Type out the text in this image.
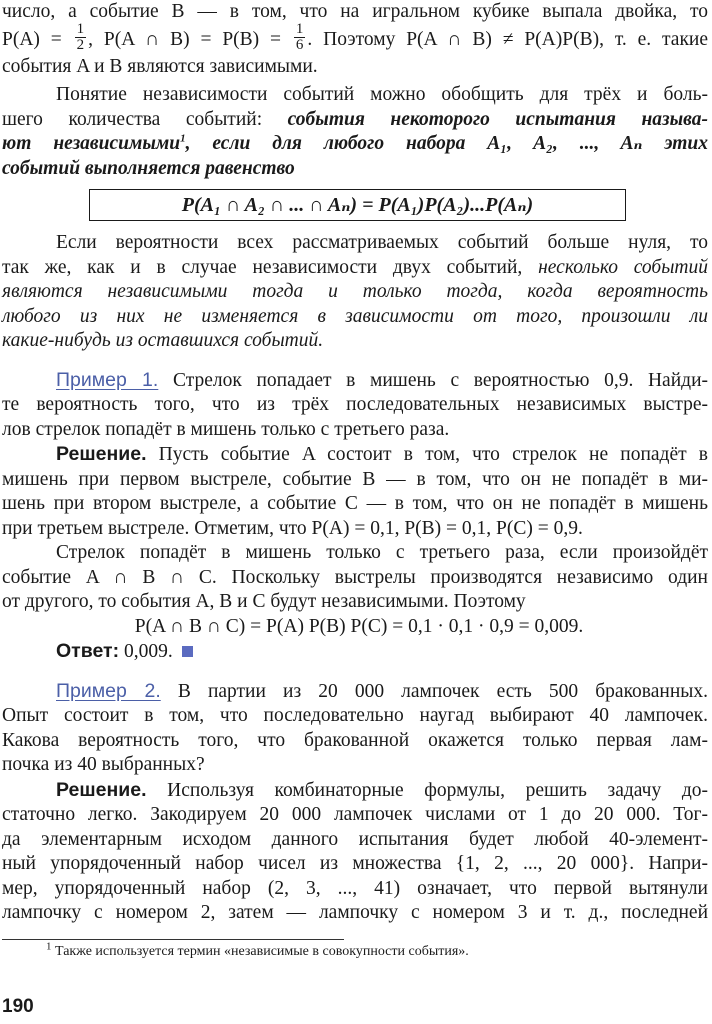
число, а событие B — в том, что на игральном кубике выпала двойка, то
$P(A) = \frac{1}{2}$ , P(A ∩ $B) = P(B) = \frac{1}{6}$ . Поэтому P(A ∩ B) ≠ P(A)P(B), т. е. такие
события A и B являются зависимыми.

Понятие независимости событий можно обобщить для трёх и боль-
шего количества событий: события некоторого испытания называ-
ют независимыми$^1$, если для любого набора A₁, A₂, ..., Aₙ этих
событий выполняется равенство

P(A₁ ∩ A₂ ∩ ... ∩ Aₙ) = P(A₁)P(A₂)...P(Aₙ)

Если вероятности всех рассматриваемых событий больше нуля, то
так же, как и в случае независимости двух событий, несколько событий
являются независимыми тогда и только тогда, когда вероятность
любого из них не изменяется в зависимости от того, произошли ли
какие-нибудь из оставшихся событий.

Пример 1. Стрелок попадает в мишень с вероятностью 0,9. Найди-
те вероятность того, что из трёх последовательных независимых выстре-
лов стрелок попадёт в мишень только с третьего раза.

Решение. Пусть событие A состоит в том, что стрелок не попадёт в
мишень при первом выстреле, событие B — в том, что он не попадёт в ми-
шень при втором выстреле, а событие C — в том, что он не попадёт в мишень
при третьем выстреле. Отметим, что P(A) = 0,1, P(B) = 0,1, P(C) = 0,9.
Стрелок попадёт в мишень только с третьего раза, если произойдёт
событие A ∩ B ∩ C. Поскольку выстрелы производятся независимо один
от другого, то события A, B и C будут независимыми. Поэтому

P(A ∩ B ∩ C) = P(A) P(B) P(C) = 0,1 · 0,1 · 0,9 = 0,009.

Ответ: 0,009.

Пример 2. В партии из 20 000 лампочек есть 500 бракованных.
Опыт состоит в том, что последовательно наугад выбирают 40 лампочек.
Какова вероятность того, что бракованной окажется только первая лам-
почка из 40 выбранных?

Решение. Используя комбинаторные формулы, решить задачу до-
статочно легко. Закодируем 20 000 лампочек числами от 1 до 20 000. Тог-
да элементарным исходом данного испытания будет любой 40-элемент-
ный упорядоченный набор чисел из множества {1, 2, ..., 20 000}. Напри-
мер, упорядоченный набор (2, 3, ..., 41) означает, что первой вытянули
лампочку с номером 2, затем — лампочку с номером 3 и т. д., последней

$^1$ Также используется термин «независимые в совокупности события».
190
